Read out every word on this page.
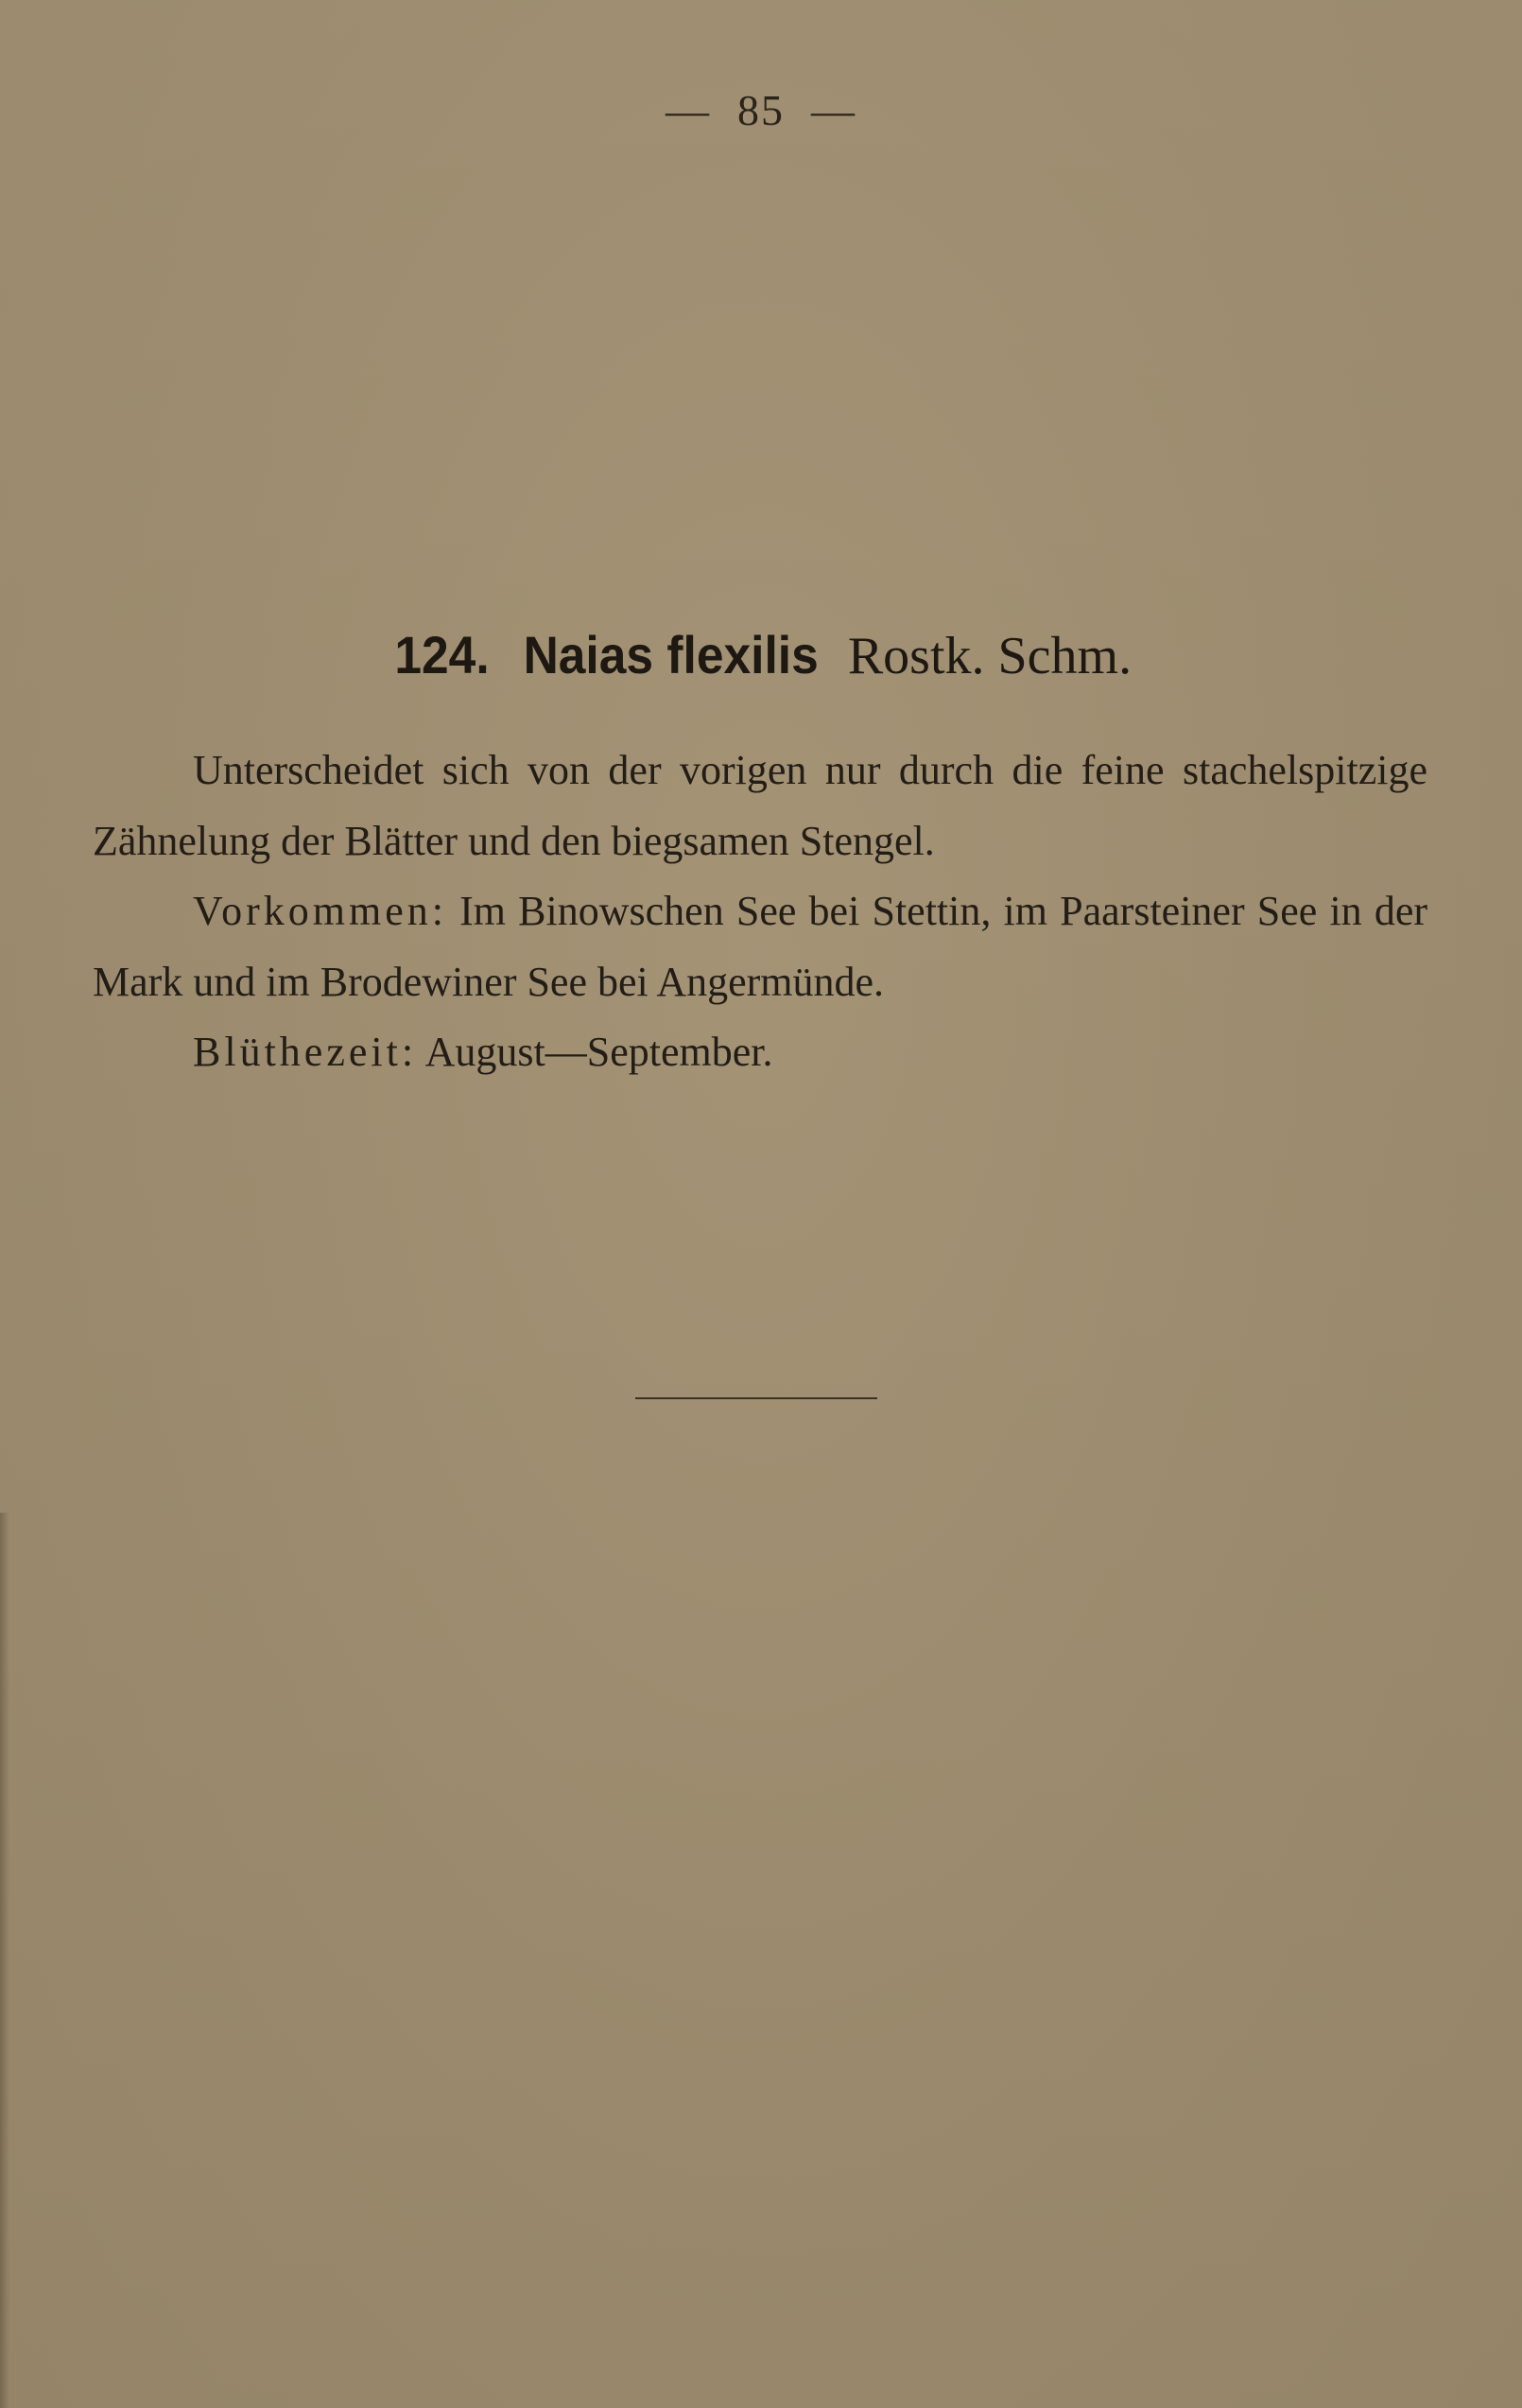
— 85 —
124. Naias flexilis Rostk. Schm.

Unterscheidet sich von der vorigen nur durch die feine stachelspitzige Zähnelung der Blätter und den biegsamen Stengel.

Vorkommen: Im Binowschen See bei Stettin, im Paarsteiner See in der Mark und im Brodewiner See bei Angermünde.

Blüthezeit: August—September.
